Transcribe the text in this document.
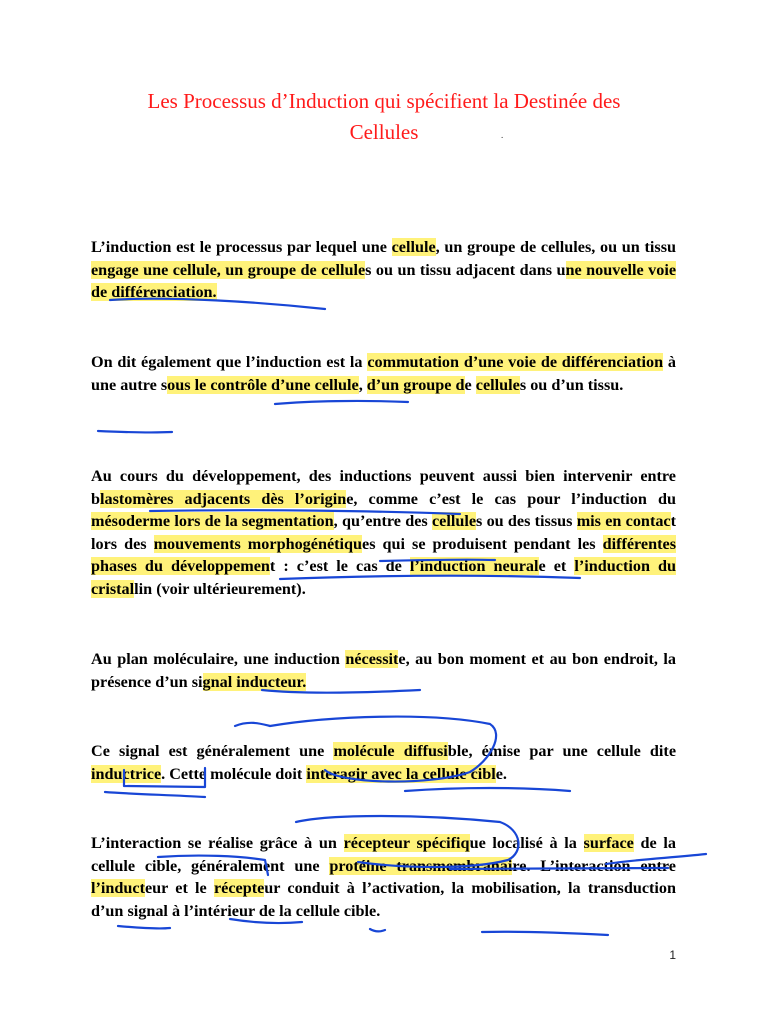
Les Processus d’Induction qui spécifient la Destinée des
Cellules	.
L’induction est le processus par lequel une cellule, un groupe de cellules, ou un tissu engage une cellule, un groupe de cellules ou un tissu adjacent dans une nouvelle voie de différenciation.
On dit également que l’induction est la commutation d’une voie de différenciation à une autre sous le contrôle d’une cellule, d’un groupe de cellules ou d’un tissu.
Au cours du développement, des inductions peuvent aussi bien intervenir entre blastomères adjacents dès l’origine, comme c’est le cas pour l’induction du mésoderme lors de la segmentation, qu’entre des cellules ou des tissus mis en contact lors des mouvements morphogénétiques qui se produisent pendant les différentes phases du développement : c’est le cas de l’induction neurale et l’induction du cristallin (voir ultérieurement).
Au plan moléculaire, une induction nécessite, au bon moment et au bon endroit, la présence d’un signal inducteur.
Ce signal est généralement une molécule diffusible, émise par une cellule dite inductrice. Cette molécule doit interagir avec la cellule cible.
L’interaction se réalise grâce à un récepteur spécifique localisé à la surface de la cellule cible, généralement une protéine transmembranaire. L’interaction entre l’inducteur et le récepteur conduit à l’activation, la mobilisation, la transduction d’un signal à l’intérieur de la cellule cible.
1
